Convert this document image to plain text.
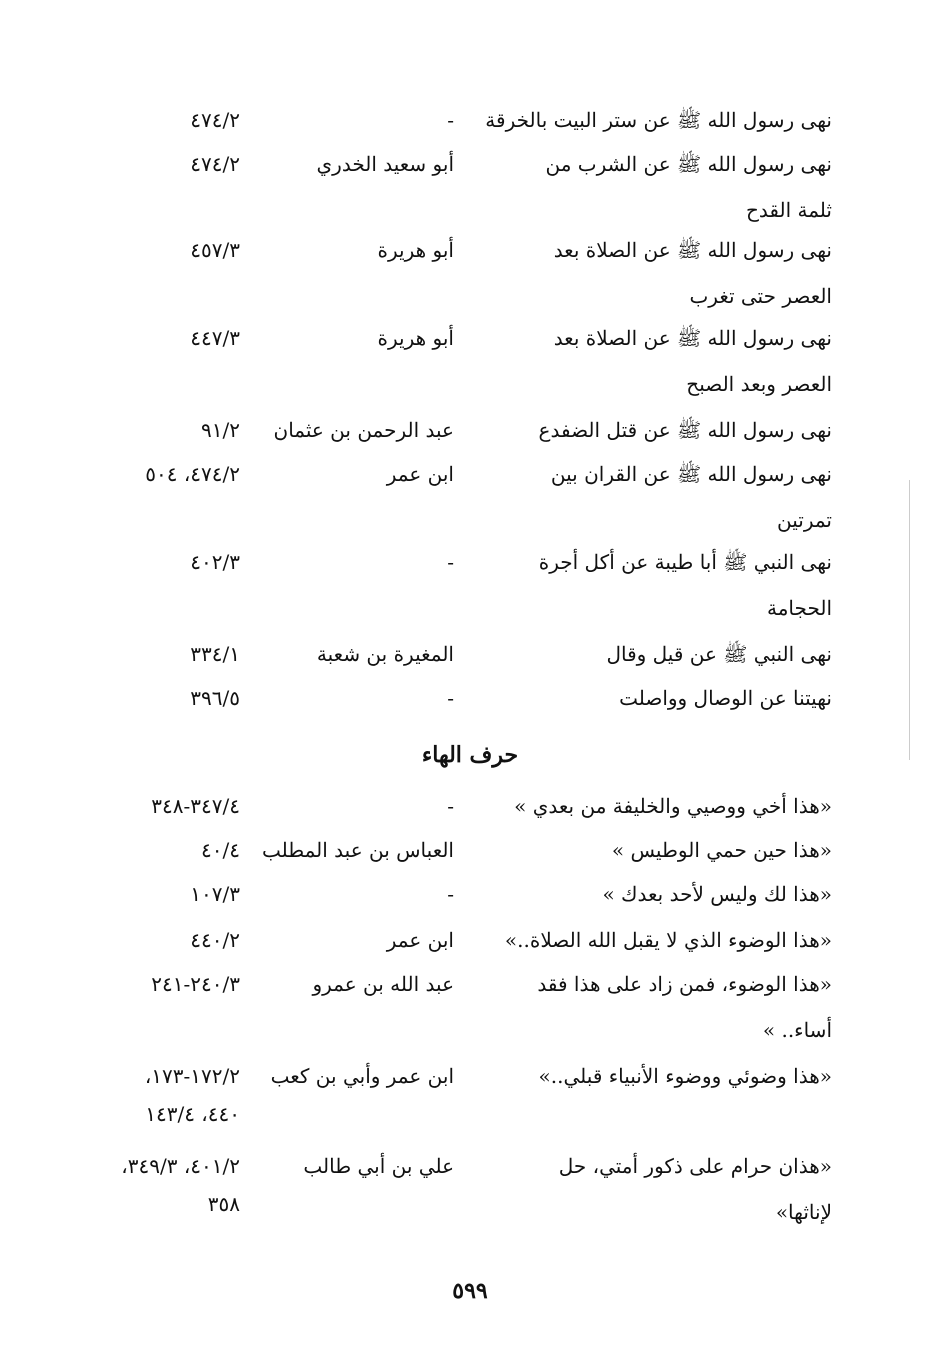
نهى رسول الله ﷺ عن ستر البيت بالخرقة
-
٤٧٤/٢
نهى رسول الله ﷺ عن الشرب من
أبو سعيد الخدري
٤٧٤/٢
ثلمة القدح
نهى رسول الله ﷺ عن الصلاة بعد
أبو هريرة
٤٥٧/٣
العصر حتى تغرب
نهى رسول الله ﷺ عن الصلاة بعد
أبو هريرة
٤٤٧/٣
العصر وبعد الصبح
نهى رسول الله ﷺ عن قتل الضفدع
عبد الرحمن بن عثمان
٩١/٢
نهى رسول الله ﷺ عن القران بين
ابن عمر
٤٧٤/٢، ٥٠٤
تمرتين
نهى النبي ﷺ أبا طيبة عن أكل أجرة
-
٤٠٢/٣
الحجامة
نهى النبي ﷺ عن قيل وقال
المغيرة بن شعبة
٣٣٤/١
نهيتنا عن الوصال وواصلت
-
٣٩٦/٥
حرف الهاء
«هذا أخي ووصيي والخليفة من بعدي »
-
٣٤٧/٤-٣٤٨
«هذا حين حمي الوطيس »
العباس بن عبد المطلب
٤٠/٤
«هذا لك وليس لأحد بعدك »
-
١٠٧/٣
«هذا الوضوء الذي لا يقبل الله الصلاة..»
ابن عمر
٤٤٠/٢
«هذا الوضوء، فمن زاد على هذا فقد
عبد الله بن عمرو
٢٤٠/٣-٢٤١
أساء.. »
«هذا وضوئي ووضوء الأنبياء قبلي..»
ابن عمر وأبي بن كعب
١٧٢/٢-١٧٣،
٤٤٠، ١٤٣/٤
«هذان حرام على ذكور أمتي، حل
علي بن أبي طالب
٤٠١/٢، ٣٤٩/٣،
لإناثها»
٣٥٨
٥٩٩
